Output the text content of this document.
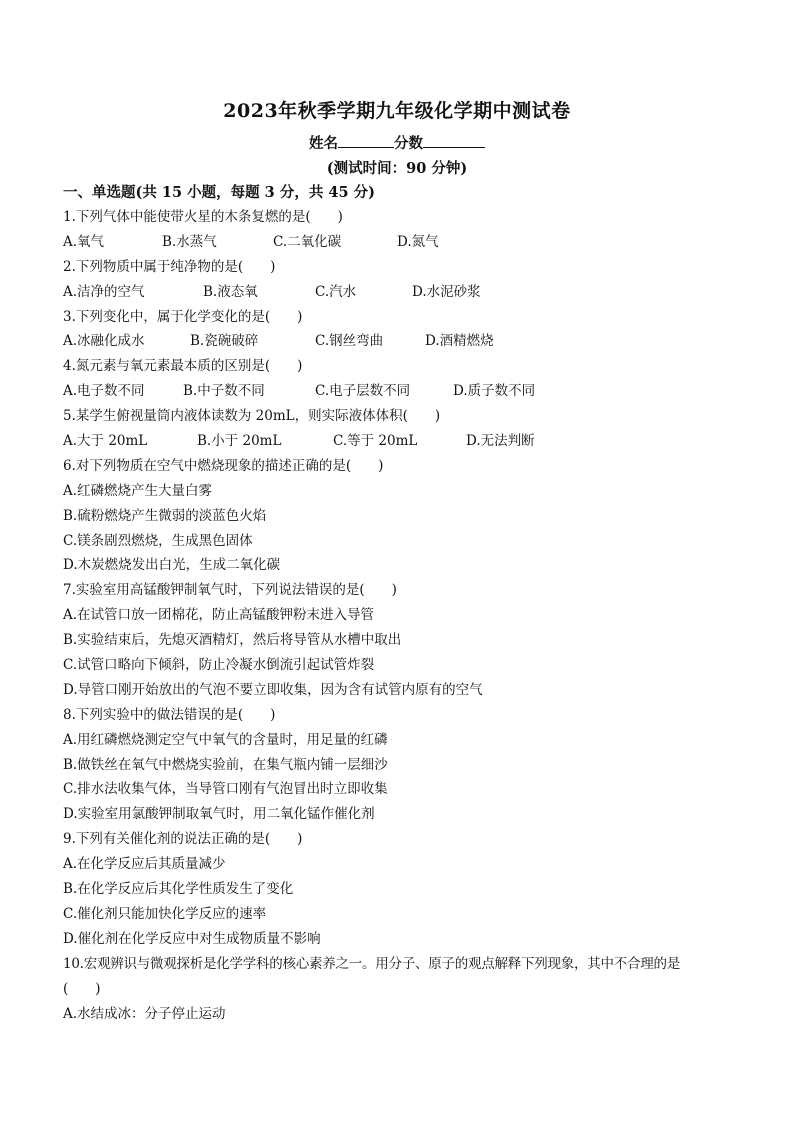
2023年秋季学期九年级化学期中测试卷
姓名	分数
(测试时间：90 分钟)
一、单选题(共 15 小题，每题 3 分，共 45 分)
1.下列气体中能使带火星的木条复燃的是(　　)
A.氧气	B.水蒸气	C.二氧化碳	D.氮气
2.下列物质中属于纯净物的是(　　)
A.洁净的空气	B.液态氧	C.汽水	D.水泥砂浆
3.下列变化中，属于化学变化的是(　　)
A.冰融化成水	B.瓷碗破碎	C.钢丝弯曲	D.酒精燃烧
4.氮元素与氧元素最本质的区别是(　　)
A.电子数不同	B.中子数不同	C.电子层数不同	D.质子数不同
5.某学生俯视量筒内液体读数为 20mL，则实际液体体积(　　)
A.大于 20mL	B.小于 20mL	C.等于 20mL	D.无法判断
6.对下列物质在空气中燃烧现象的描述正确的是(　　)
A.红磷燃烧产生大量白雾
B.硫粉燃烧产生微弱的淡蓝色火焰
C.镁条剧烈燃烧，生成黑色固体
D.木炭燃烧发出白光，生成二氧化碳
7.实验室用高锰酸钾制氧气时，下列说法错误的是(　　)
A.在试管口放一团棉花，防止高锰酸钾粉末进入导管
B.实验结束后，先熄灭酒精灯，然后将导管从水槽中取出
C.试管口略向下倾斜，防止冷凝水倒流引起试管炸裂
D.导管口刚开始放出的气泡不要立即收集，因为含有试管内原有的空气
8.下列实验中的做法错误的是(　　)
A.用红磷燃烧测定空气中氧气的含量时，用足量的红磷
B.做铁丝在氧气中燃烧实验前，在集气瓶内铺一层细沙
C.排水法收集气体，当导管口刚有气泡冒出时立即收集
D.实验室用氯酸钾制取氧气时，用二氧化锰作催化剂
9.下列有关催化剂的说法正确的是(　　)
A.在化学反应后其质量减少
B.在化学反应后其化学性质发生了变化
C.催化剂只能加快化学反应的速率
D.催化剂在化学反应中对生成物质量不影响
10.宏观辨识与微观探析是化学学科的核心素养之一。用分子、原子的观点解释下列现象，其中不合理的是
(　　)
A.水结成冰：分子停止运动
